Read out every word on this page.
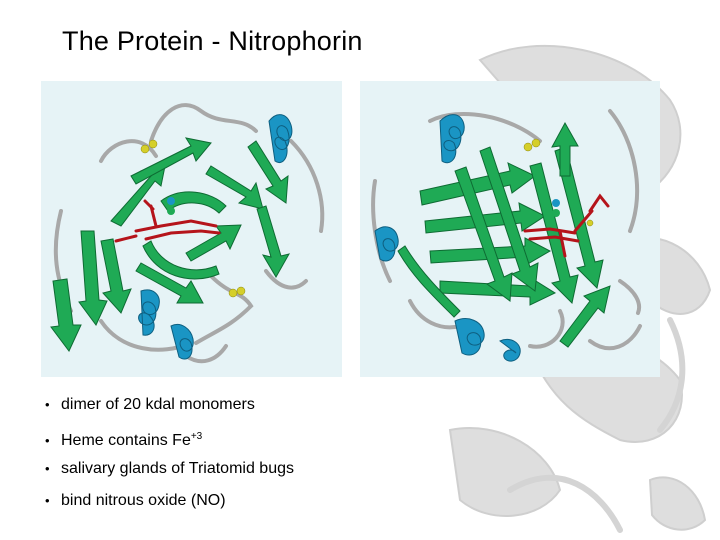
The Protein - Nitrophorin
• dimer of 20 kdal monomers
• Heme contains $Fe^{+3}$
• salivary glands of Triatomid bugs
• bind nitrous oxide (NO)
